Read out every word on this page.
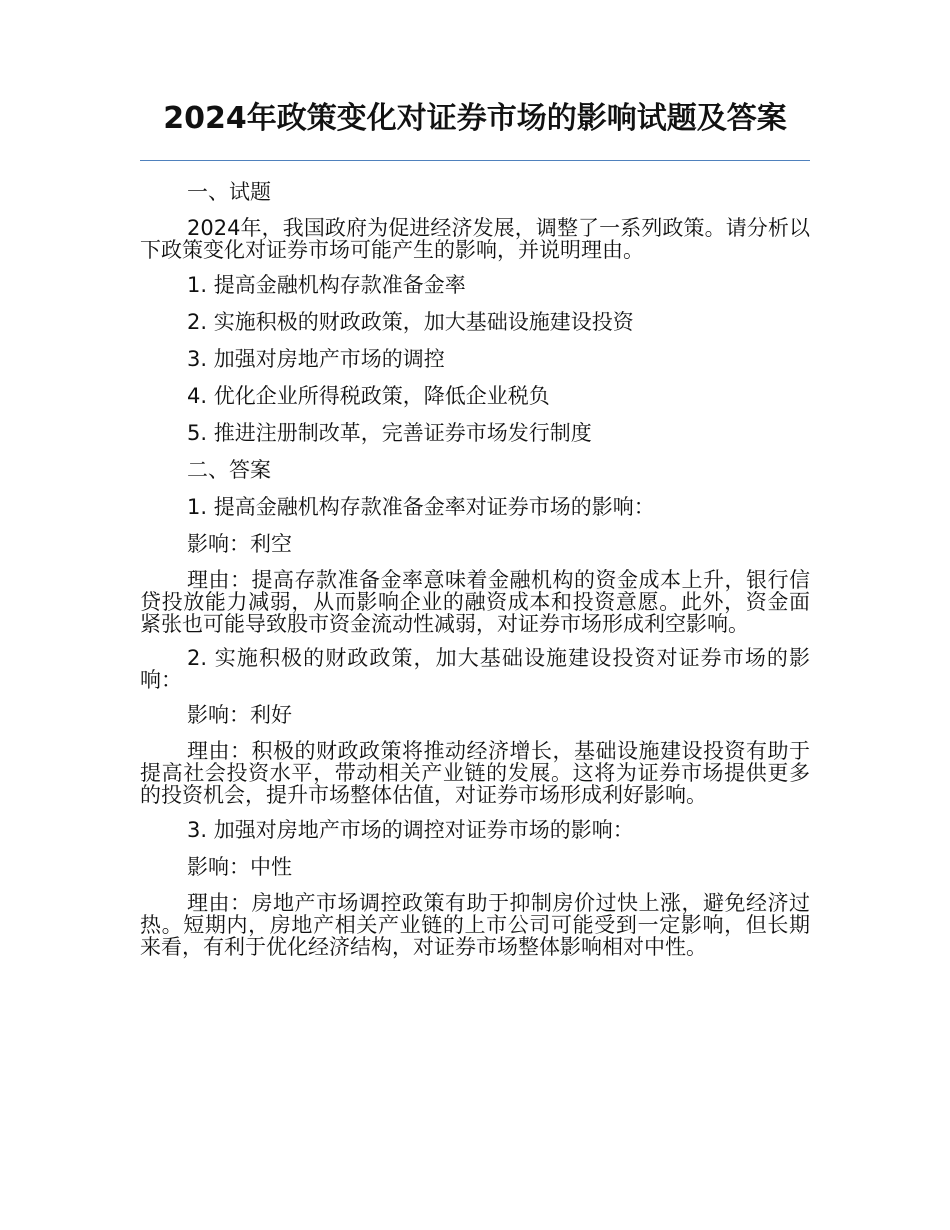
2024年政策变化对证券市场的影响试题及答案

一、试题

2024年，我国政府为促进经济发展，调整了一系列政策。请分析以下政策变化对证券市场可能产生的影响，并说明理由。

1. 提高金融机构存款准备金率

2. 实施积极的财政政策，加大基础设施建设投资

3. 加强对房地产市场的调控

4. 优化企业所得税政策，降低企业税负

5. 推进注册制改革，完善证券市场发行制度

二、答案

1. 提高金融机构存款准备金率对证券市场的影响：

影响：利空

理由：提高存款准备金率意味着金融机构的资金成本上升，银行信贷投放能力减弱，从而影响企业的融资成本和投资意愿。此外，资金面紧张也可能导致股市资金流动性减弱，对证券市场形成利空影响。

2. 实施积极的财政政策，加大基础设施建设投资对证券市场的影响：

影响：利好

理由：积极的财政政策将推动经济增长，基础设施建设投资有助于提高社会投资水平，带动相关产业链的发展。这将为证券市场提供更多的投资机会，提升市场整体估值，对证券市场形成利好影响。

3. 加强对房地产市场的调控对证券市场的影响：

影响：中性

理由：房地产市场调控政策有助于抑制房价过快上涨，避免经济过热。短期内，房地产相关产业链的上市公司可能受到一定影响，但长期来看，有利于优化经济结构，对证券市场整体影响相对中性。
